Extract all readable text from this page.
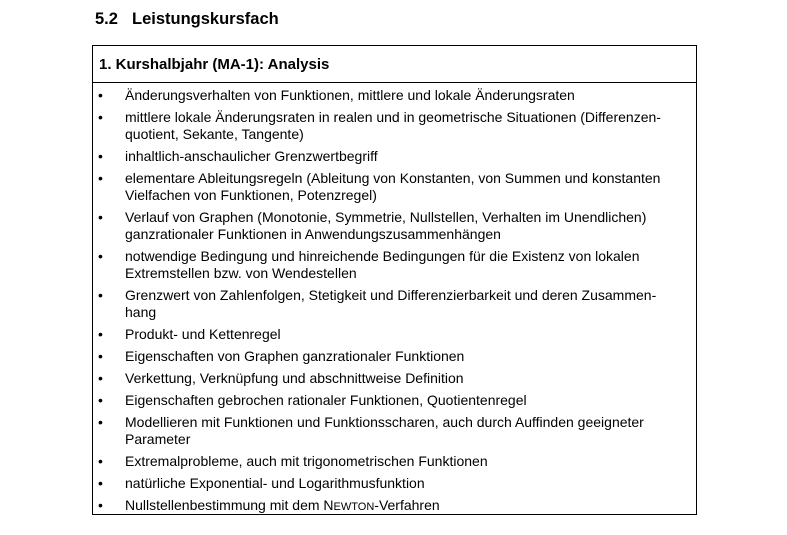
5.2 Leistungskursfach
1. Kurshalbjahr (MA-1): Analysis
• Änderungsverhalten von Funktionen, mittlere und lokale Änderungsraten
• mittlere lokale Änderungsraten in realen und in geometrische Situationen (Differenzen-
quotient, Sekante, Tangente)
• inhaltlich-anschaulicher Grenzwertbegriff
• elementare Ableitungsregeln (Ableitung von Konstanten, von Summen und konstanten
Vielfachen von Funktionen, Potenzregel)
• Verlauf von Graphen (Monotonie, Symmetrie, Nullstellen, Verhalten im Unendlichen)
ganzrationaler Funktionen in Anwendungszusammenhängen
• notwendige Bedingung und hinreichende Bedingungen für die Existenz von lokalen
Extremstellen bzw. von Wendestellen
• Grenzwert von Zahlenfolgen, Stetigkeit und Differenzierbarkeit und deren Zusammen-
hang
• Produkt- und Kettenregel
• Eigenschaften von Graphen ganzrationaler Funktionen
• Verkettung, Verknüpfung und abschnittweise Definition
• Eigenschaften gebrochen rationaler Funktionen, Quotientenregel
• Modellieren mit Funktionen und Funktionsscharen, auch durch Auffinden geeigneter
Parameter
• Extremalprobleme, auch mit trigonometrischen Funktionen
• natürliche Exponential- und Logarithmusfunktion
• Nullstellenbestimmung mit dem NEWTON-Verfahren
